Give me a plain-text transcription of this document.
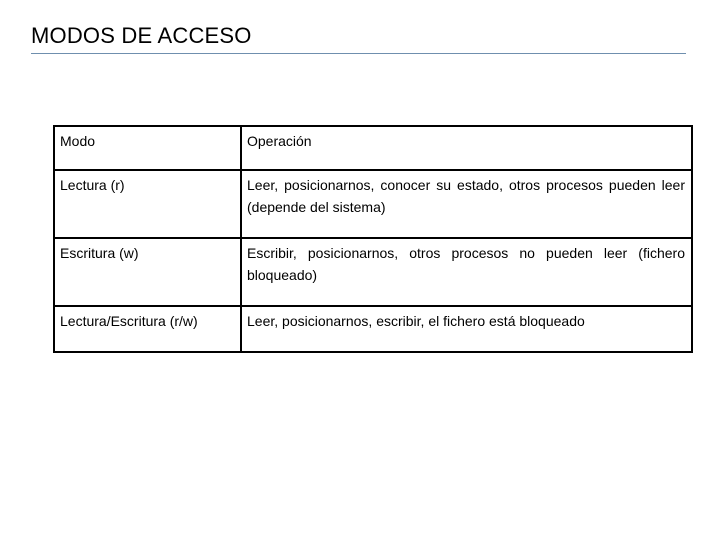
MODOS DE ACCESO
Modo	Operación
Lectura (r)	Leer, posicionarnos, conocer su estado, otros procesos pueden leer (depende del sistema)
Escritura (w)	Escribir, posicionarnos, otros procesos no pueden leer (fichero bloqueado)
Lectura/Escritura (r/w)	Leer, posicionarnos, escribir, el fichero está bloqueado
